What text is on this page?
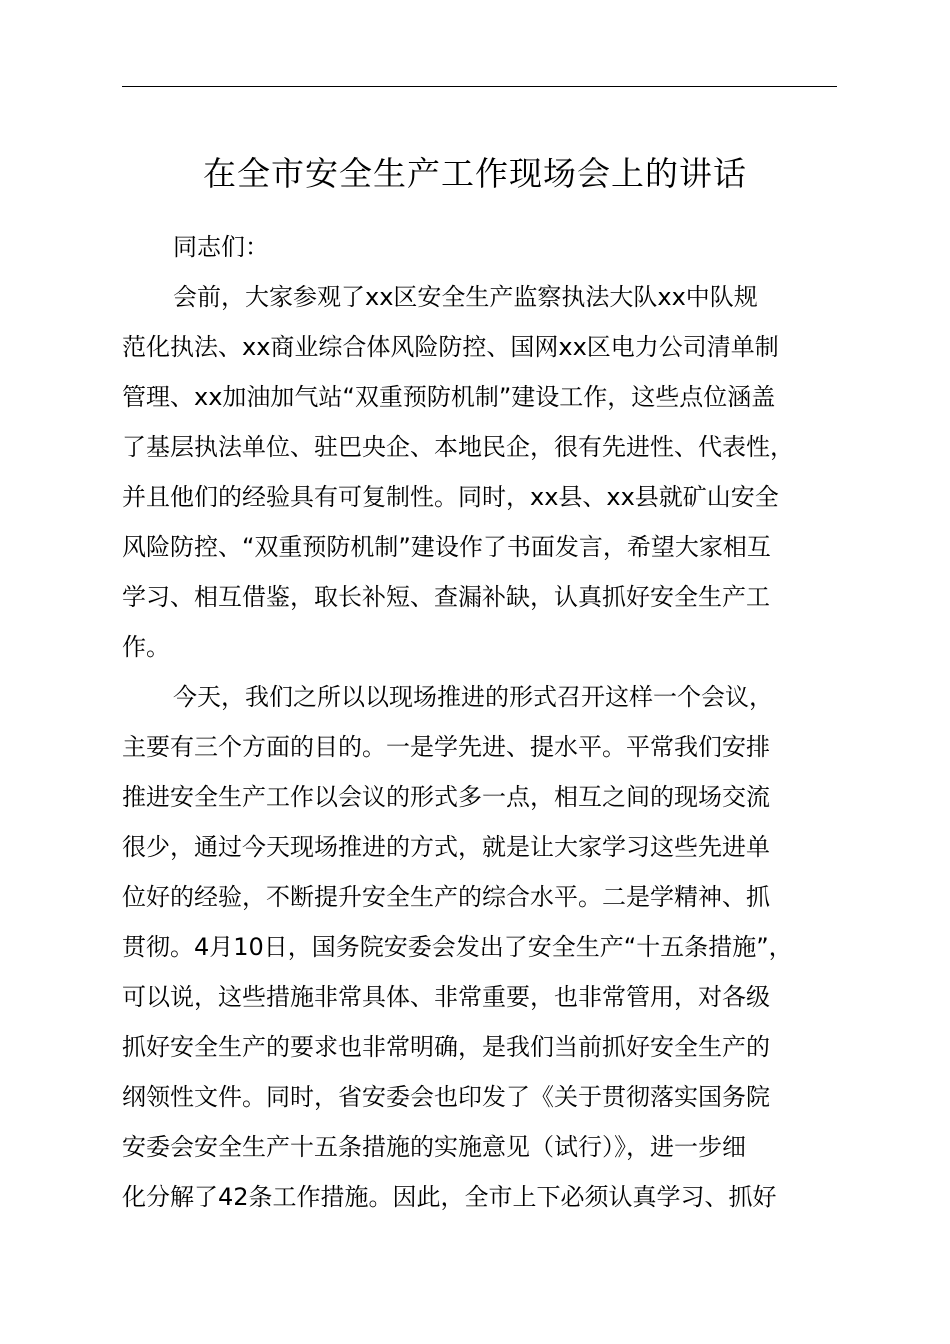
在全市安全生产工作现场会上的讲话
同志们：
会前，大家参观了xx区安全生产监察执法大队xx中队规
范化执法、xx商业综合体风险防控、国网xx区电力公司清单制
管理、xx加油加气站“双重预防机制”建设工作，这些点位涵盖
了基层执法单位、驻巴央企、本地民企，很有先进性、代表性，
并且他们的经验具有可复制性。同时，xx县、xx县就矿山安全
风险防控、“双重预防机制”建设作了书面发言，希望大家相互
学习、相互借鉴，取长补短、查漏补缺，认真抓好安全生产工
作。
今天，我们之所以以现场推进的形式召开这样一个会议，
主要有三个方面的目的。一是学先进、提水平。平常我们安排
推进安全生产工作以会议的形式多一点，相互之间的现场交流
很少，通过今天现场推进的方式，就是让大家学习这些先进单
位好的经验，不断提升安全生产的综合水平。二是学精神、抓
贯彻。4月10日，国务院安委会发出了安全生产“十五条措施”，
可以说，这些措施非常具体、非常重要，也非常管用，对各级
抓好安全生产的要求也非常明确，是我们当前抓好安全生产的
纲领性文件。同时，省安委会也印发了《关于贯彻落实国务院
安委会安全生产十五条措施的实施意见（试行）》，进一步细
化分解了42条工作措施。因此，全市上下必须认真学习、抓好
